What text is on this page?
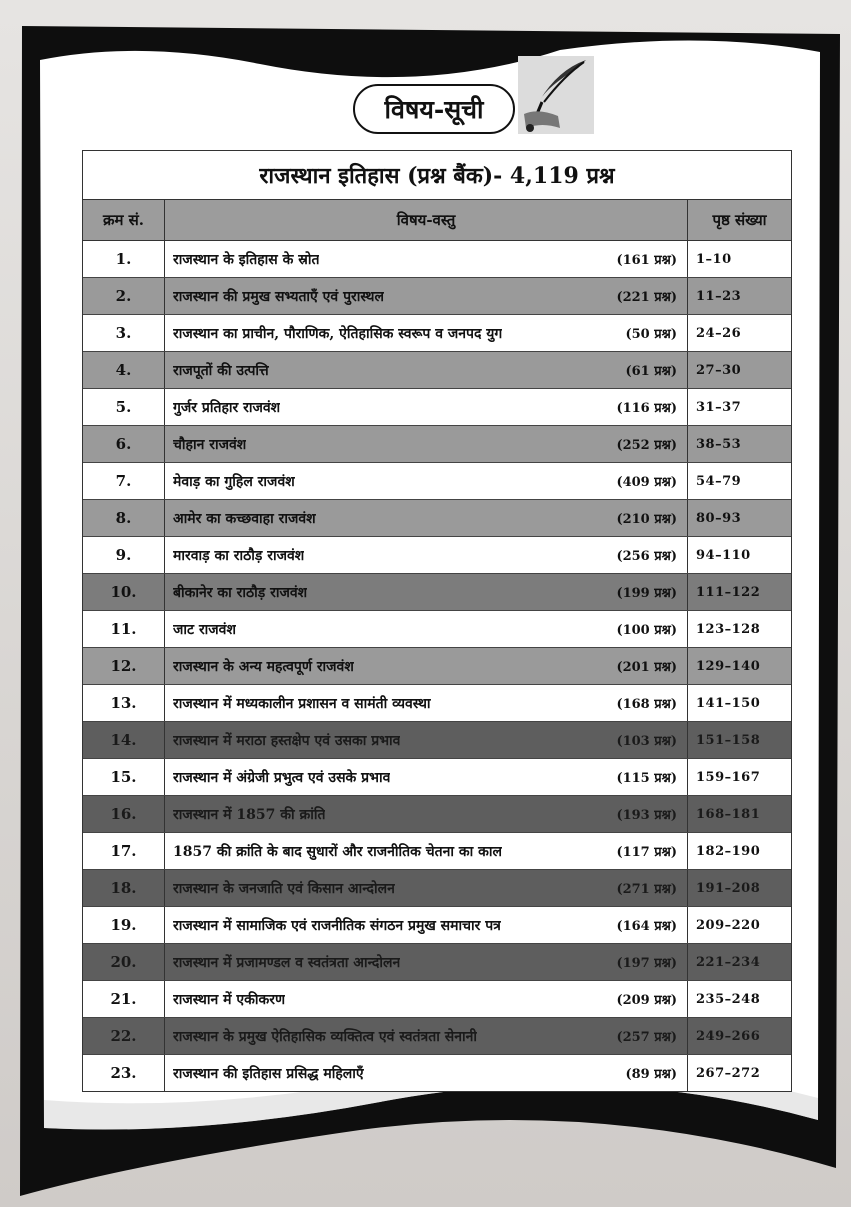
विषय-सूची
राजस्थान इतिहास (प्रश्न बैंक)- 4,119 प्रश्न
क्रम सं.	विषय-वस्तु	पृष्ठ संख्या
1.	राजस्थान के इतिहास के स्रोत	(161 प्रश्न)	1–10
2.	राजस्थान की प्रमुख सभ्यताएँ एवं पुरास्थल	(221 प्रश्न)	11–23
3.	राजस्थान का प्राचीन, पौराणिक, ऐतिहासिक स्वरूप व जनपद युग	(50 प्रश्न)	24–26
4.	राजपूतों की उत्पत्ति	(61 प्रश्न)	27–30
5.	गुर्जर प्रतिहार राजवंश	(116 प्रश्न)	31–37
6.	चौहान राजवंश	(252 प्रश्न)	38–53
7.	मेवाड़ का गुहिल राजवंश	(409 प्रश्न)	54–79
8.	आमेर का कच्छवाहा राजवंश	(210 प्रश्न)	80–93
9.	मारवाड़ का राठौड़ राजवंश	(256 प्रश्न)	94–110
10.	बीकानेर का राठौड़ राजवंश	(199 प्रश्न)	111–122
11.	जाट राजवंश	(100 प्रश्न)	123–128
12.	राजस्थान के अन्य महत्वपूर्ण राजवंश	(201 प्रश्न)	129–140
13.	राजस्थान में मध्यकालीन प्रशासन व सामंती व्यवस्था	(168 प्रश्न)	141–150
14.	राजस्थान में मराठा हस्तक्षेप एवं उसका प्रभाव	(103 प्रश्न)	151–158
15.	राजस्थान में अंग्रेजी प्रभुत्व एवं उसके प्रभाव	(115 प्रश्न)	159–167
16.	राजस्थान में 1857 की क्रांति	(193 प्रश्न)	168–181
17.	1857 की क्रांति के बाद सुधारों और राजनीतिक चेतना का काल	(117 प्रश्न)	182–190
18.	राजस्थान के जनजाति एवं किसान आन्दोलन	(271 प्रश्न)	191–208
19.	राजस्थान में सामाजिक एवं राजनीतिक संगठन प्रमुख समाचार पत्र	(164 प्रश्न)	209–220
20.	राजस्थान में प्रजामण्डल व स्वतंत्रता आन्दोलन	(197 प्रश्न)	221–234
21.	राजस्थान में एकीकरण	(209 प्रश्न)	235–248
22.	राजस्थान के प्रमुख ऐतिहासिक व्यक्तित्व एवं स्वतंत्रता सेनानी	(257 प्रश्न)	249–266
23.	राजस्थान की इतिहास प्रसिद्ध महिलाएँ	(89 प्रश्न)	267–272
